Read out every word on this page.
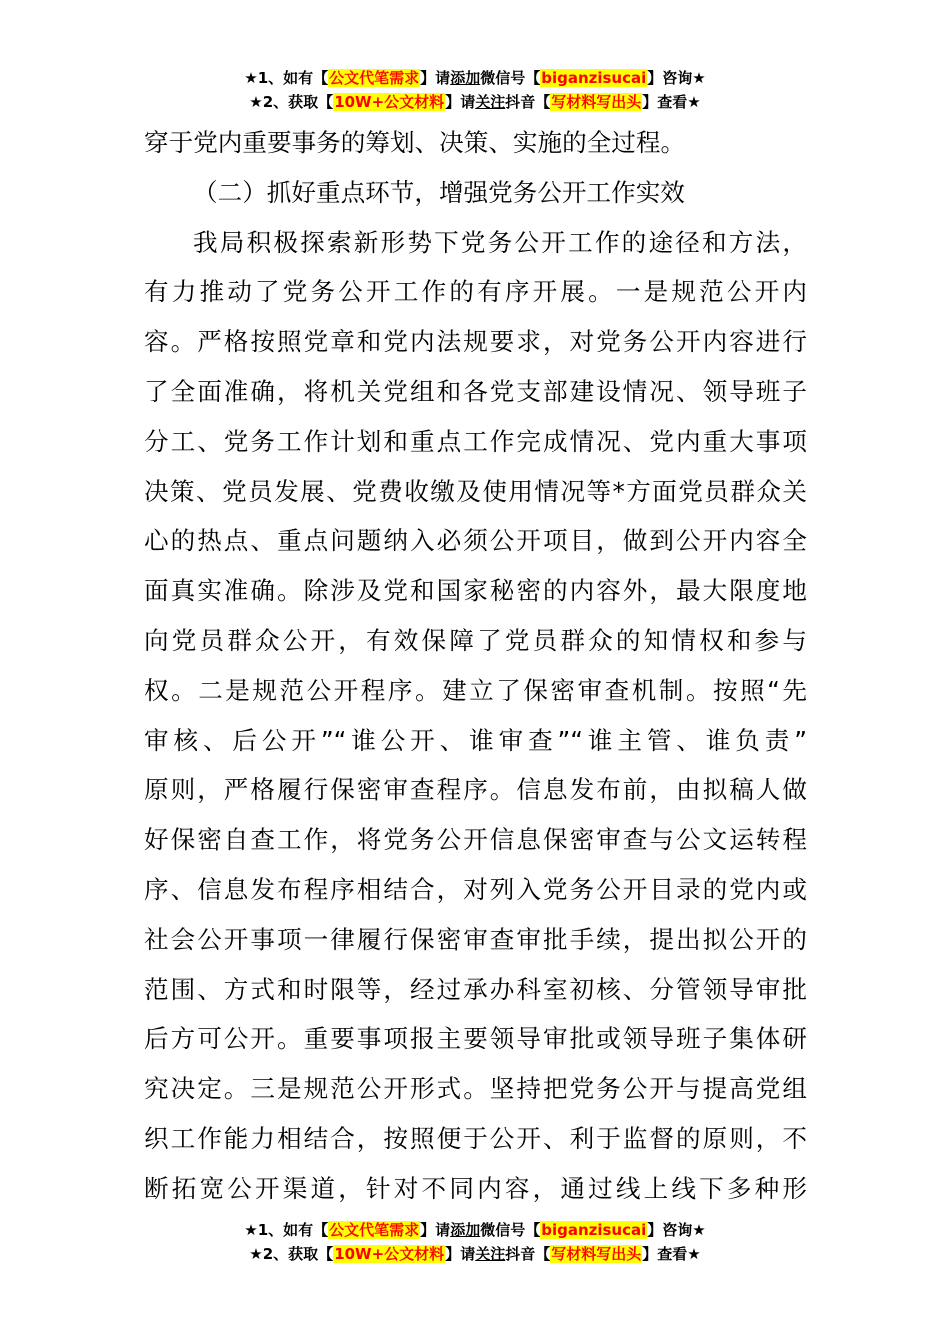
★1、如有【公文代笔需求】请添加微信号【biganzisucai】咨询★
★2、获取【10W+公文材料】请关注抖音【写材料写出头】查看★
穿于党内重要事务的筹划、决策、实施的全过程。
（二）抓好重点环节，增强党务公开工作实效
我局积极探索新形势下党务公开工作的途径和方法，
有力推动了党务公开工作的有序开展。一是规范公开内
容。严格按照党章和党内法规要求，对党务公开内容进行
了全面准确，将机关党组和各党支部建设情况、领导班子
分工、党务工作计划和重点工作完成情况、党内重大事项
决策、党员发展、党费收缴及使用情况等*方面党员群众关
心的热点、重点问题纳入必须公开项目，做到公开内容全
面真实准确。除涉及党和国家秘密的内容外，最大限度地
向党员群众公开，有效保障了党员群众的知情权和参与
权。二是规范公开程序。建立了保密审查机制。按照“先
审核、后公开”“谁公开、谁审查”“谁主管、谁负责”
原则，严格履行保密审查程序。信息发布前，由拟稿人做
好保密自查工作，将党务公开信息保密审查与公文运转程
序、信息发布程序相结合，对列入党务公开目录的党内或
社会公开事项一律履行保密审查审批手续，提出拟公开的
范围、方式和时限等，经过承办科室初核、分管领导审批
后方可公开。重要事项报主要领导审批或领导班子集体研
究决定。三是规范公开形式。坚持把党务公开与提高党组
织工作能力相结合，按照便于公开、利于监督的原则，不
断拓宽公开渠道，针对不同内容，通过线上线下多种形
★1、如有【公文代笔需求】请添加微信号【biganzisucai】咨询★
★2、获取【10W+公文材料】请关注抖音【写材料写出头】查看★
